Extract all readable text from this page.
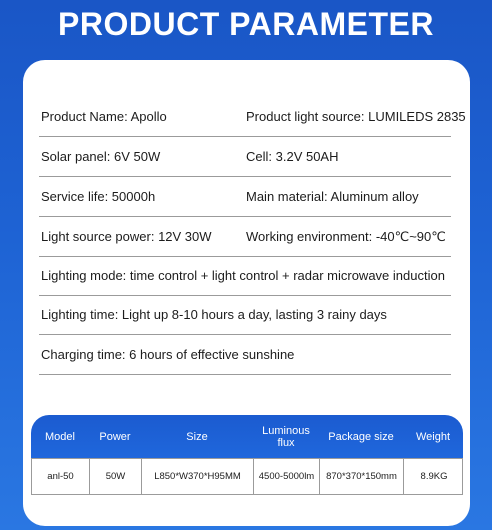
PRODUCT PARAMETER
Product Name: Apollo	Product light source: LUMILEDS 2835
Solar panel: 6V 50W	Cell: 3.2V 50AH
Service life: 50000h	Main material: Aluminum alloy
Light source power: 12V 30W	Working environment: -40℃~90℃
Lighting mode: time control + light control + radar microwave induction
Lighting time: Light up 8-10 hours a day, lasting 3 rainy days
Charging time: 6 hours of effective sunshine
Model	Power	Size	Luminous flux	Package size	Weight
anl-50	50W	L850*W370*H95MM	4500-5000lm	870*370*150mm	8.9KG
